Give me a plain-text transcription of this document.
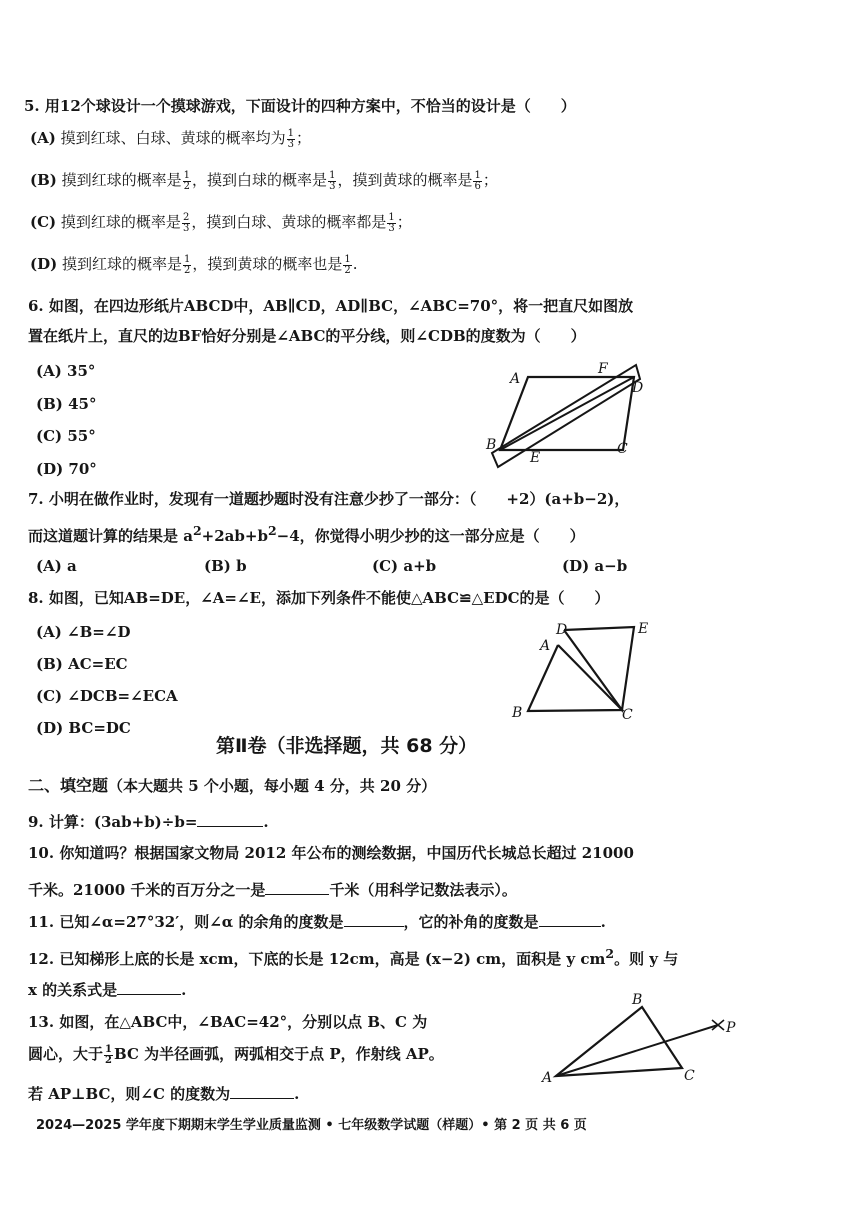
5. 用12个球设计一个摸球游戏，下面设计的四种方案中，不恰当的设计是（　　）
(A) 摸到红球、白球、黄球的概率均为 $\frac{1}{3}$ ；
(B) 摸到红球的概率是 $\frac{1}{2}$ ，摸到白球的概率是 $\frac{1}{3}$ ，摸到黄球的概率是 $\frac{1}{6}$ ；
(C) 摸到红球的概率是 $\frac{2}{3}$ ，摸到白球、黄球的概率都是 $\frac{1}{3}$ ；
(D) 摸到红球的概率是 $\frac{1}{2}$ ，摸到黄球的概率也是 $\frac{1}{2}$ .
6. 如图，在四边形纸片ABCD中，AB∥CD，AD∥BC，∠ABC=70°，将一把直尺如图放
置在纸片上，直尺的边BF恰好分别是∠ABC的平分线，则∠CDB的度数为（　　）
(A) 35°
(B) 45°
(C) 55°
(D) 70°
A
F
D
B
E
C
7. 小明在做作业时，发现有一道题抄题时没有注意少抄了一部分：（　　+2）(a+b−2)，
而这道题计算的结果是 $a^2+2ab+b^2-4$，你觉得小明少抄的这一部分应是（　　）
(A) a	(B) b	(C) a+b	(D) a−b
8. 如图，已知AB=DE，∠A=∠E，添加下列条件不能使△ABC≌△EDC的是（　　）
(A) ∠B=∠D
(B) AC=EC
(C) ∠DCB=∠ECA
(D) BC=DC
D	E
A
B	C
第Ⅱ卷（非选择题，共 68 分）
二、填空题（本大题共 5 个小题，每小题 4 分，共 20 分）
9. 计算：(3ab+b)÷b=	.
10. 你知道吗？根据国家文物局 2012 年公布的测绘数据，中国历代长城总长超过 21000
千米。21000 千米的百万分之一是	千米（用科学记数法表示）。
11. 已知∠α=27°32′，则∠α 的余角的度数是	，它的补角的度数是	.
12. 已知梯形上底的长是 xcm，下底的长是 12cm，高是 (x−2) cm，面积是 y $cm^2$。则 y 与
x 的关系式是	.
13. 如图，在△ABC中，∠BAC=42°，分别以点 B、C 为
圆心，大于 $\frac{1}{2}$ BC 为半径画弧，两弧相交于点 P，作射线 AP。
若 AP⊥BC，则∠C 的度数为	.
A
B
C
P
2024—2025 学年度下期期末学生学业质量监测 • 七年级数学试题（样题）• 第 2 页 共 6 页
